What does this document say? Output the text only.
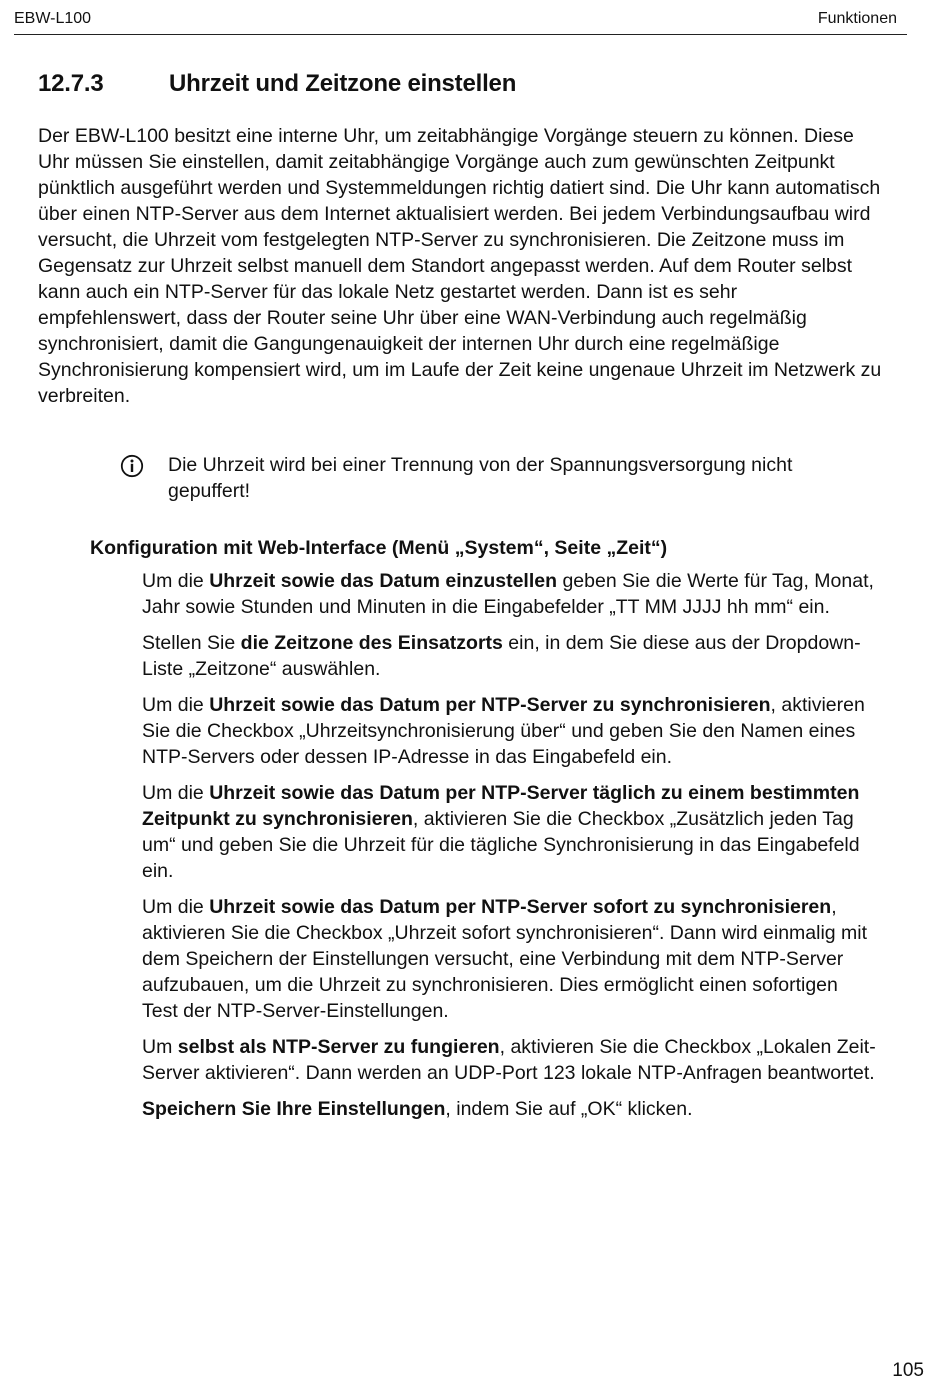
EBW-L100	Funktionen
12.7.3	Uhrzeit und Zeitzone einstellen

Der EBW-L100 besitzt eine interne Uhr, um zeitabhängige Vorgänge steuern zu können. Diese Uhr müssen Sie einstellen, damit zeitabhängige Vorgänge auch zum gewünschten Zeitpunkt pünktlich ausgeführt werden und Systemmeldungen richtig datiert sind. Die Uhr kann automatisch über einen NTP-Server aus dem Internet aktualisiert werden. Bei jedem Verbindungsaufbau wird versucht, die Uhrzeit vom festgelegten NTP-Server zu synchronisieren. Die Zeitzone muss im Gegensatz zur Uhrzeit selbst manuell dem Standort angepasst werden. Auf dem Router selbst kann auch ein NTP-Server für das lokale Netz gestartet werden. Dann ist es sehr empfehlenswert, dass der Router seine Uhr über eine WAN-Verbindung auch regelmäßig synchronisiert, damit die Gangungenauigkeit der internen Uhr durch eine regelmäßige Synchronisierung kompensiert wird, um im Laufe der Zeit keine ungenaue Uhrzeit im Netzwerk zu verbreiten.

Die Uhrzeit wird bei einer Trennung von der Spannungsversorgung nicht gepuffert!
Konfiguration mit Web-Interface (Menü „System“, Seite „Zeit“)

Um die Uhrzeit sowie das Datum einzustellen geben Sie die Werte für Tag, Monat, Jahr sowie Stunden und Minuten in die Eingabefelder „TT MM JJJJ hh mm“ ein.

Stellen Sie die Zeitzone des Einsatzorts ein, in dem Sie diese aus der Dropdown-Liste „Zeitzone“ auswählen.

Um die Uhrzeit sowie das Datum per NTP-Server zu synchronisieren, aktivieren Sie die Checkbox „Uhrzeitsynchronisierung über“ und geben Sie den Namen eines NTP-Servers oder dessen IP-Adresse in das Eingabefeld ein.

Um die Uhrzeit sowie das Datum per NTP-Server täglich zu einem bestimmten Zeitpunkt zu synchronisieren, aktivieren Sie die Checkbox „Zusätzlich jeden Tag um“ und geben Sie die Uhrzeit für die tägliche Synchronisierung in das Eingabefeld ein.

Um die Uhrzeit sowie das Datum per NTP-Server sofort zu synchronisieren, aktivieren Sie die Checkbox „Uhrzeit sofort synchronisieren“. Dann wird einmalig mit dem Speichern der Einstellungen versucht, eine Verbindung mit dem NTP-Server aufzubauen, um die Uhrzeit zu synchronisieren. Dies ermöglicht einen sofortigen Test der NTP-Server-Einstellungen.

Um selbst als NTP-Server zu fungieren, aktivieren Sie die Checkbox „Lokalen Zeit-Server aktivieren“. Dann werden an UDP-Port 123 lokale NTP-Anfragen beantwortet.

Speichern Sie Ihre Einstellungen, indem Sie auf „OK“ klicken.

105
